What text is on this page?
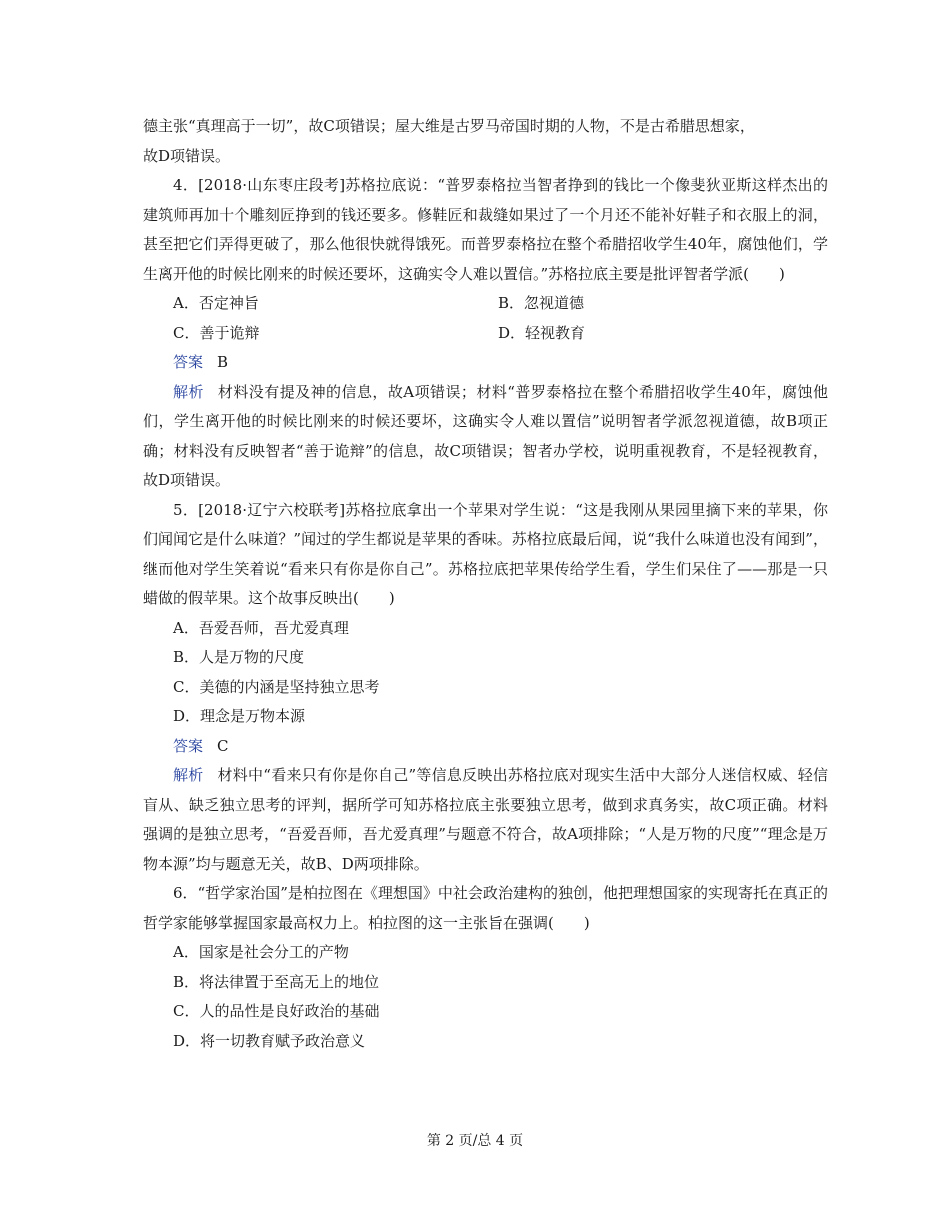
德主张“真理高于一切”，故C项错误；屋大维是古罗马帝国时期的人物，不是古希腊思想家，

故D项错误。

4．[2018·山东枣庄段考]苏格拉底说：“普罗泰格拉当智者挣到的钱比一个像斐狄亚斯这样杰出的建筑师再加十个雕刻匠挣到的钱还要多。修鞋匠和裁缝如果过了一个月还不能补好鞋子和衣服上的洞，甚至把它们弄得更破了，那么他很快就得饿死。而普罗泰格拉在整个希腊招收学生40年，腐蚀他们，学生离开他的时候比刚来的时候还要坏，这确实令人难以置信。”苏格拉底主要是批评智者学派(　　)

A．否定神旨	B．忽视道德
C．善于诡辩	D．轻视教育

答案 B

解析 材料没有提及神的信息，故A项错误；材料“普罗泰格拉在整个希腊招收学生40年，腐蚀他们，学生离开他的时候比刚来的时候还要坏，这确实令人难以置信”说明智者学派忽视道德，故B项正确；材料没有反映智者“善于诡辩”的信息，故C项错误；智者办学校，说明重视教育，不是轻视教育，故D项错误。

5．[2018·辽宁六校联考]苏格拉底拿出一个苹果对学生说：“这是我刚从果园里摘下来的苹果，你们闻闻它是什么味道？”闻过的学生都说是苹果的香味。苏格拉底最后闻，说“我什么味道也没有闻到”，继而他对学生笑着说“看来只有你是你自己”。苏格拉底把苹果传给学生看，学生们呆住了——那是一只蜡做的假苹果。这个故事反映出(　　)

A．吾爱吾师，吾尤爱真理

B．人是万物的尺度

C．美德的内涵是坚持独立思考

D．理念是万物本源

答案 C

解析 材料中“看来只有你是你自己”等信息反映出苏格拉底对现实生活中大部分人迷信权威、轻信盲从、缺乏独立思考的评判，据所学可知苏格拉底主张要独立思考，做到求真务实，故C项正确。材料强调的是独立思考，“吾爱吾师，吾尤爱真理”与题意不符合，故A项排除；“人是万物的尺度”“理念是万物本源”均与题意无关，故B、D两项排除。

6．“哲学家治国”是柏拉图在《理想国》中社会政治建构的独创，他把理想国家的实现寄托在真正的哲学家能够掌握国家最高权力上。柏拉图的这一主张旨在强调(　　)

A．国家是社会分工的产物

B．将法律置于至高无上的地位

C．人的品性是良好政治的基础

D．将一切教育赋予政治意义

第 2 页/总 4 页
